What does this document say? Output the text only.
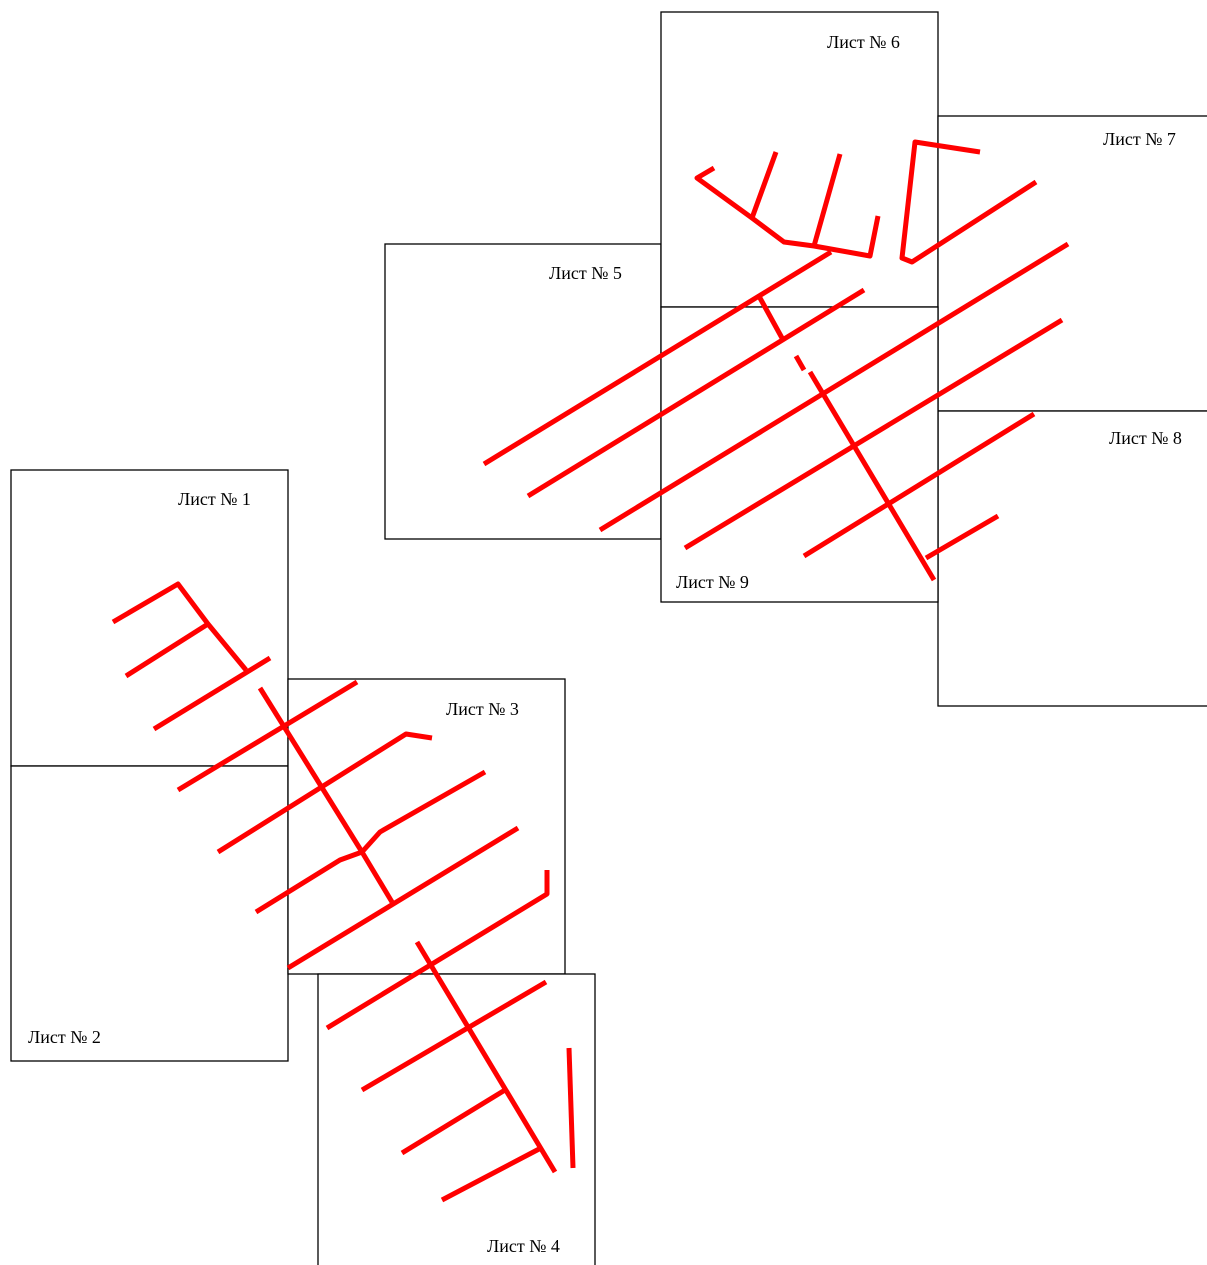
Лист № 1
Лист № 2
Лист № 3
Лист № 4
Лист № 5
Лист № 6
Лист № 7
Лист № 8
Лист № 9
